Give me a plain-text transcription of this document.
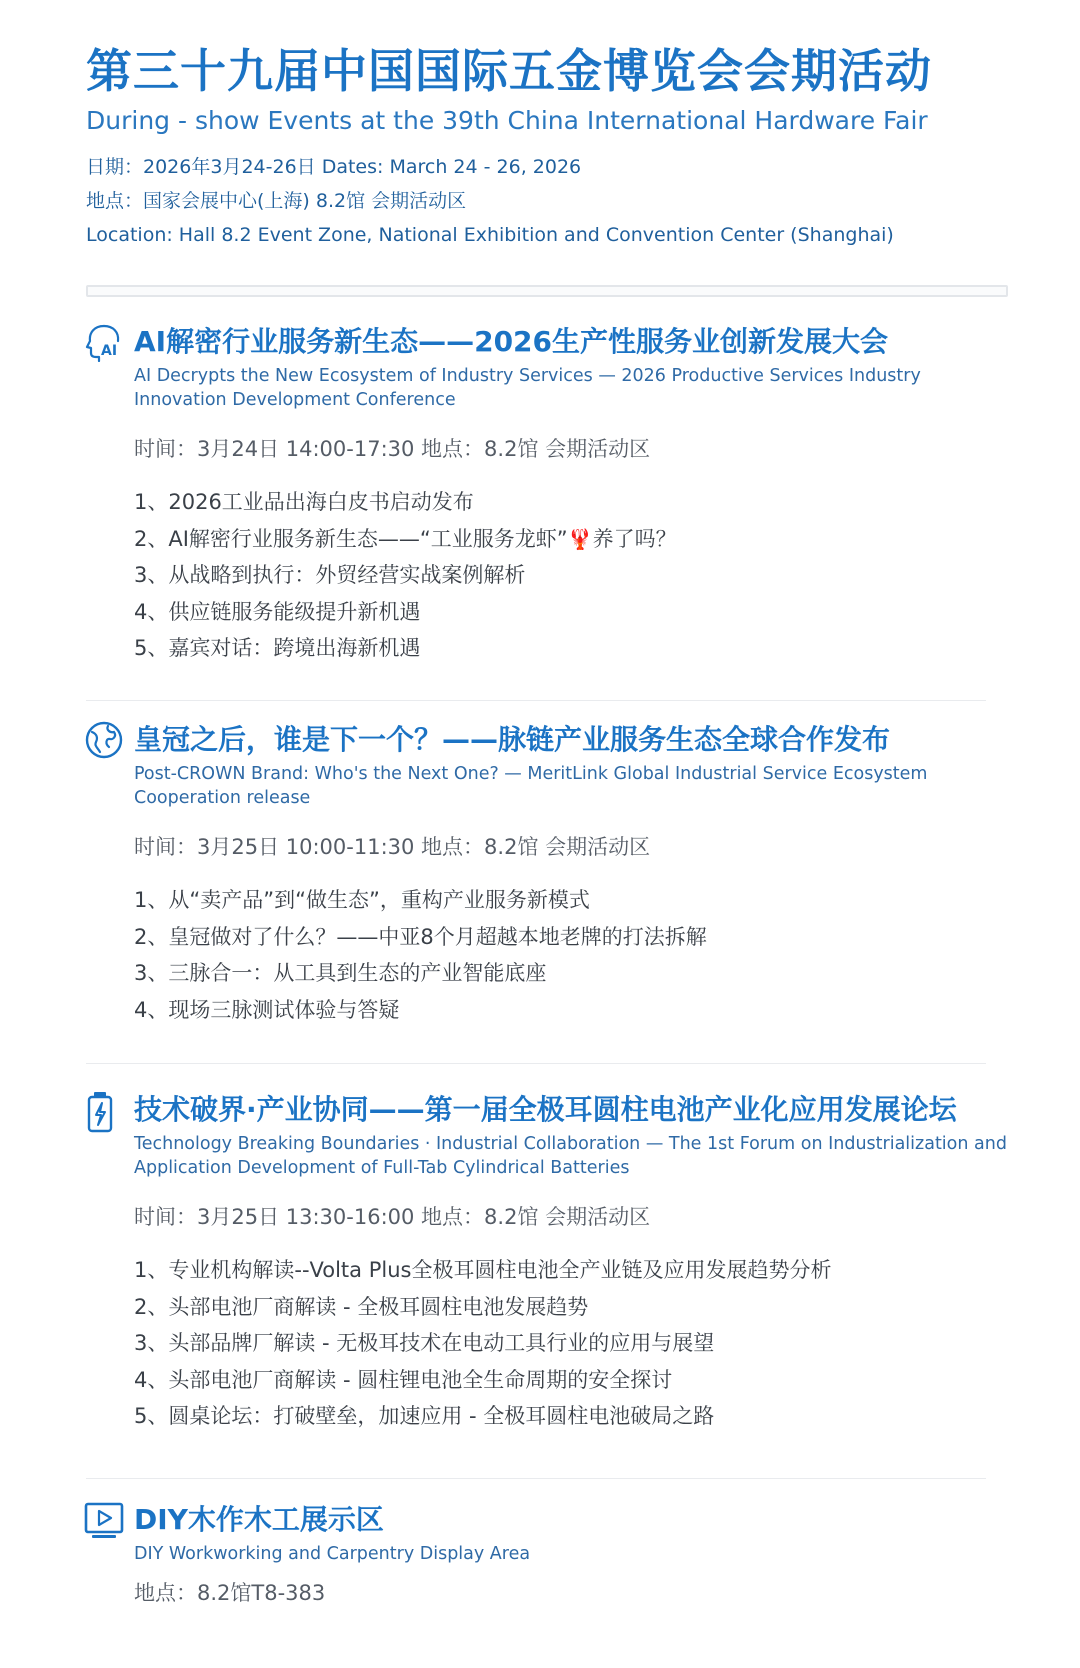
第三十九届中国国际五金博览会会期活动
During - show Events at the 39th China International Hardware Fair
日期：2026年3月24-26日 Dates: March 24 - 26, 2026
地点：国家会展中心(上海) 8.2馆 会期活动区
Location: Hall 8.2 Event Zone, National Exhibition and Convention Center (Shanghai)
AI AI解密行业服务新生态——2026生产性服务业创新发展大会
AI Decrypts the New Ecosystem of Industry Services — 2026 Productive Services Industry Innovation Development Conference
时间：3月24日 14:00-17:30 地点：8.2馆 会期活动区
1、2026工业品出海白皮书启动发布
2、AI解密行业服务新生态——“工业服务龙虾”🦞养了吗？
3、从战略到执行：外贸经营实战案例解析
4、供应链服务能级提升新机遇
5、嘉宾对话：跨境出海新机遇
皇冠之后，谁是下一个？——脉链产业服务生态全球合作发布
Post-CROWN Brand: Who's the Next One? — MeritLink Global Industrial Service Ecosystem Cooperation release
时间：3月25日 10:00-11:30 地点：8.2馆 会期活动区
1、从“卖产品”到“做生态”，重构产业服务新模式
2、皇冠做对了什么？——中亚8个月超越本地老牌的打法拆解
3、三脉合一：从工具到生态的产业智能底座
4、现场三脉测试体验与答疑
技术破界·产业协同——第一届全极耳圆柱电池产业化应用发展论坛
Technology Breaking Boundaries · Industrial Collaboration — The 1st Forum on Industrialization and Application Development of Full-Tab Cylindrical Batteries
时间：3月25日 13:30-16:00 地点：8.2馆 会期活动区
1、专业机构解读--Volta Plus全极耳圆柱电池全产业链及应用发展趋势分析
2、头部电池厂商解读 - 全极耳圆柱电池发展趋势
3、头部品牌厂解读 - 无极耳技术在电动工具行业的应用与展望
4、头部电池厂商解读 - 圆柱锂电池全生命周期的安全探讨
5、圆桌论坛：打破壁垒，加速应用 - 全极耳圆柱电池破局之路
DIY木作木工展示区
DIY Workworking and Carpentry Display Area
地点：8.2馆T8-383
